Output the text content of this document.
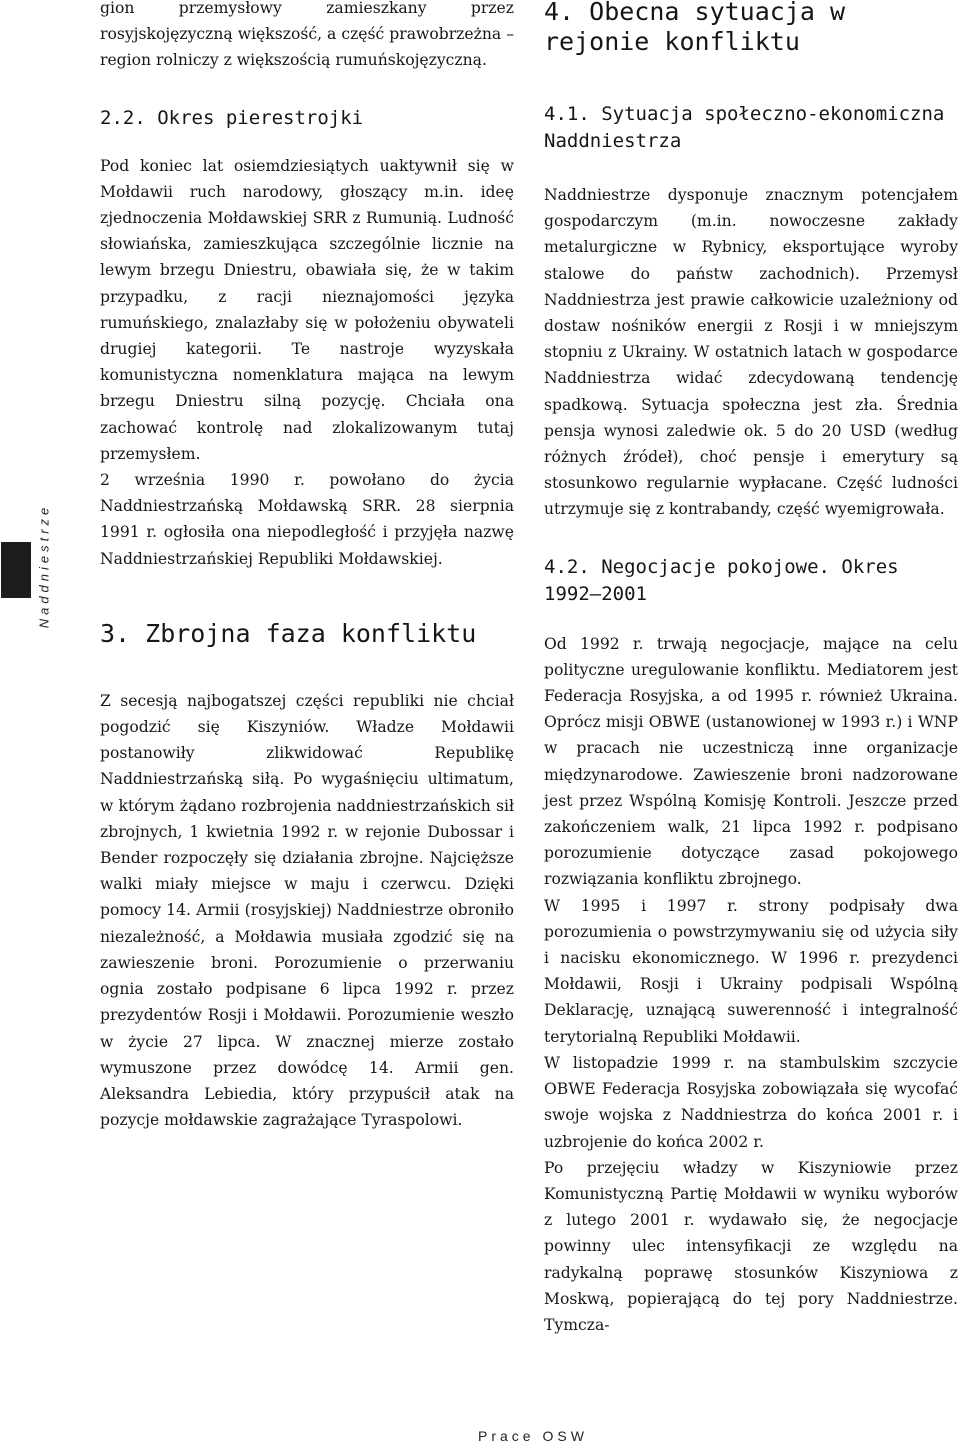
16 Naddniestrze

gion przemysłowy zamieszkany przez rosyjskojęzyczną większość, a część prawobrzeżna – region rolniczy z większością rumuńskojęzyczną.

2.2. Okres pierestrojki

Pod koniec lat osiemdziesiątych uaktywnił się w Mołdawii ruch narodowy, głoszący m.in. ideę zjednoczenia Mołdawskiej SRR z Rumunią. Ludność słowiańska, zamieszkująca szczególnie licznie na lewym brzegu Dniestru, obawiała się, że w takim przypadku, z racji nieznajomości języka rumuńskiego, znalazłaby się w położeniu obywateli drugiej kategorii. Te nastroje wyzyskała komunistyczna nomenklatura mająca na lewym brzegu Dniestru silną pozycję. Chciała ona zachować kontrolę nad zlokalizowanym tutaj przemysłem.

2 września 1990 r. powołano do życia Naddniestrzańską Mołdawską SRR. 28 sierpnia 1991 r. ogłosiła ona niepodległość i przyjęła nazwę Naddniestrzańskiej Republiki Mołdawskiej.

3. Zbrojna faza konfliktu

Z secesją najbogatszej części republiki nie chciał pogodzić się Kiszyniów. Władze Mołdawii postanowiły zlikwidować Republikę Naddniestrzańską siłą. Po wygaśnięciu ultimatum, w którym żądano rozbrojenia naddniestrzańskich sił zbrojnych, 1 kwietnia 1992 r. w rejonie Dubossar i Bender rozpoczęły się działania zbrojne. Najcięższe walki miały miejsce w maju i czerwcu. Dzięki pomocy 14. Armii (rosyjskiej) Naddniestrze obroniło niezależność, a Mołdawia musiała zgodzić się na zawieszenie broni. Porozumienie o przerwaniu ognia zostało podpisane 6 lipca 1992 r. przez prezydentów Rosji i Mołdawii. Porozumienie weszło w życie 27 lipca. W znacznej mierze zostało wymuszone przez dowódcę 14. Armii gen. Aleksandra Lebiedia, który przypuścił atak na pozycje mołdawskie zagrażające Tyraspolowi.

4. Obecna sytuacja w rejonie konfliktu
4.1. Sytuacja społeczno-ekonomiczna Naddniestrza

Naddniestrze dysponuje znacznym potencjałem gospodarczym (m.in. nowoczesne zakłady metalurgiczne w Rybnicy, eksportujące wyroby stalowe do państw zachodnich). Przemysł Naddniestrza jest prawie całkowicie uzależniony od dostaw nośników energii z Rosji i w mniejszym stopniu z Ukrainy. W ostatnich latach w gospodarce Naddniestrza widać zdecydowaną tendencję spadkową. Sytuacja społeczna jest zła. Średnia pensja wynosi zaledwie ok. 5 do 20 USD (według różnych źródeł), choć pensje i emerytury są stosunkowo regularnie wypłacane. Część ludności utrzymuje się z kontrabandy, część wyemigrowała.

4.2. Negocjacje pokojowe. Okres 1992–2001

Od 1992 r. trwają negocjacje, mające na celu polityczne uregulowanie konfliktu. Mediatorem jest Federacja Rosyjska, a od 1995 r. również Ukraina. Oprócz misji OBWE (ustanowionej w 1993 r.) i WNP w pracach nie uczestniczą inne organizacje międzynarodowe. Zawieszenie broni nadzorowane jest przez Wspólną Komisję Kontroli. Jeszcze przed zakończeniem walk, 21 lipca 1992 r. podpisano porozumienie dotyczące zasad pokojowego rozwiązania konfliktu zbrojnego.

W 1995 i 1997 r. strony podpisały dwa porozumienia o powstrzymywaniu się od użycia siły i nacisku ekonomicznego. W 1996 r. prezydenci Mołdawii, Rosji i Ukrainy podpisali Wspólną Deklarację, uznającą suwerenność i integralność terytorialną Republiki Mołdawii.

W listopadzie 1999 r. na stambulskim szczycie OBWE Federacja Rosyjska zobowiązała się wycofać swoje wojska z Naddniestrza do końca 2001 r. i uzbrojenie do końca 2002 r.

Po przejęciu władzy w Kiszyniowie przez Komunistyczną Partię Mołdawii w wyniku wyborów z lutego 2001 r. wydawało się, że negocjacje powinny ulec intensyfikacji ze względu na radykalną poprawę stosunków Kiszyniowa z Moskwą, popierającą do tej pory Naddniestrze. Tymcza-

Prace OSW
